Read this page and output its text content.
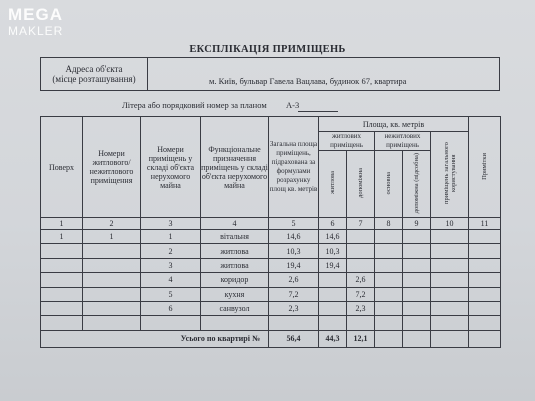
MEGA
MAKLER
ЕКСПЛІКАЦІЯ ПРИМІЩЕНЬ
Адреса об'єкта
(місце розташування)	м. Київ, бульвар Гавела Вацлава, будинок 67, квартира
Літера або порядковий номер за планом А-3
Поверх	Номери житлового/ нежитлового приміщення	Номери приміщень у складі об'єкта нерухомого майна	Функціональне призначення приміщень у складі об'єкта нерухомого майна	Загальна площа приміщень, підрахована за формулами розрахунку площ кв. метрів	Площа, кв. метрів					Примітки
					житлових приміщень		нежитлових приміщень		приміщень загального користування	
					житлова	допоміжна	основна	допоміжна (підсобна)		
1	2	3	4	5	6	7	8	9	10	11
1	1	1	вітальня	14,6	14,6					
		2	житлова	10,3	10,3					
		3	житлова	19,4	19,4					
		4	коридор	2,6		2,6				
		5	кухня	7,2		7,2				
		6	санвузол	2,3		2,3				

Усього по квартирі №				56,4	44,3	12,1				
